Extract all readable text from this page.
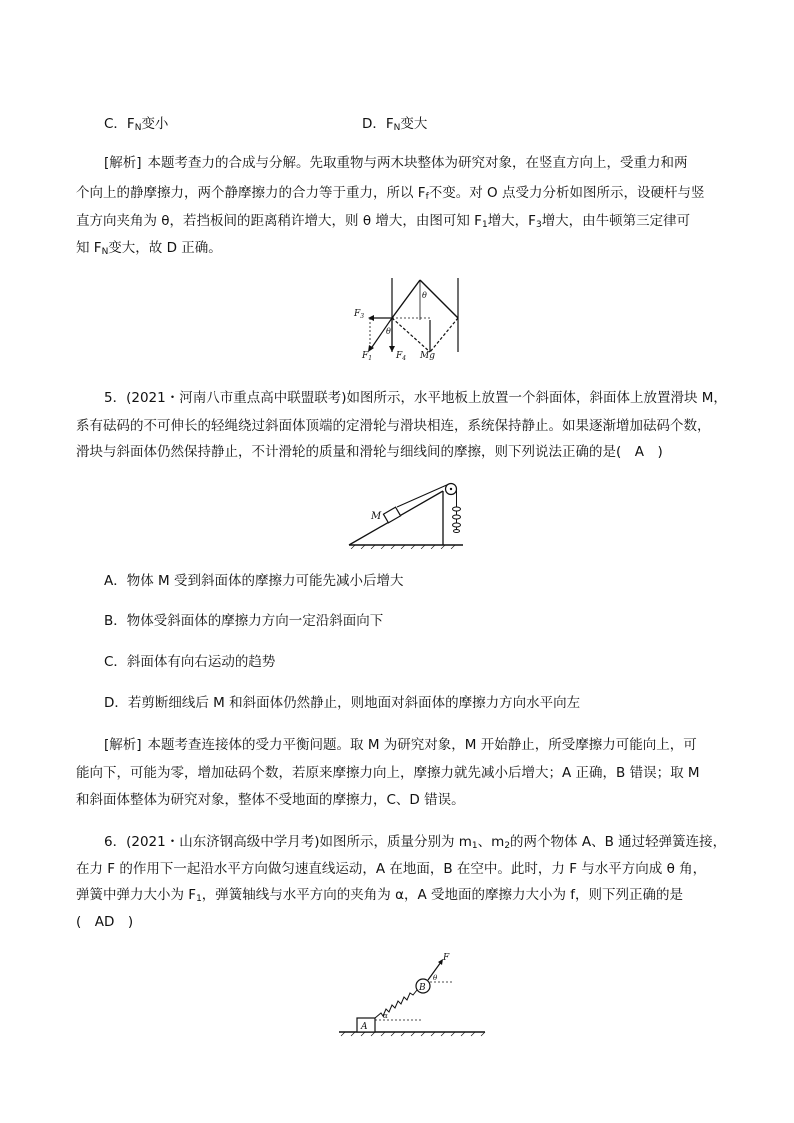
C．$F_N$变小	D．$F_N$变大
[解析] 本题考查力的合成与分解。先取重物与两木块整体为研究对象，在竖直方向上，受重力和两
个向上的静摩擦力，两个静摩擦力的合力等于重力，所以 $F_f$不变。对 O 点受力分析如图所示，设硬杆与竖
直方向夹角为 θ，若挡板间的距离稍许增大，则 θ 增大，由图可知 $F_1$增大，$F_3$增大，由牛顿第三定律可
知 $F_N$变大，故 D 正确。
$F_3$
θ
θ
$F_1$	$F_4$ Mg
5．(2021・河南八市重点高中联盟联考)如图所示，水平地板上放置一个斜面体，斜面体上放置滑块 M，
系有砝码的不可伸长的轻绳绕过斜面体顶端的定滑轮与滑块相连，系统保持静止。如果逐渐增加砝码个数，
滑块与斜面体仍然保持静止，不计滑轮的质量和滑轮与细线间的摩擦，则下列说法正确的是(　A　)
M
A．物体 M 受到斜面体的摩擦力可能先减小后增大
B．物体受斜面体的摩擦力方向一定沿斜面向下
C．斜面体有向右运动的趋势
D．若剪断细线后 M 和斜面体仍然静止，则地面对斜面体的摩擦力方向水平向左
[解析] 本题考查连接体的受力平衡问题。取 M 为研究对象，M 开始静止，所受摩擦力可能向上，可
能向下，可能为零，增加砝码个数，若原来摩擦力向上，摩擦力就先减小后增大；A 正确，B 错误；取 M
和斜面体整体为研究对象，整体不受地面的摩擦力，C、D 错误。
6．(2021・山东济钢高级中学月考)如图所示，质量分别为 $m_1$、$m_2$的两个物体 A、B 通过轻弹簧连接，
在力 F 的作用下一起沿水平方向做匀速直线运动，A 在地面，B 在空中。此时，力 F 与水平方向成 θ 角，
弹簧中弹力大小为 $F_1$，弹簧轴线与水平方向的夹角为 α，A 受地面的摩擦力大小为 f，则下列正确的是
(　AD　)
B
A
F
θ
α
